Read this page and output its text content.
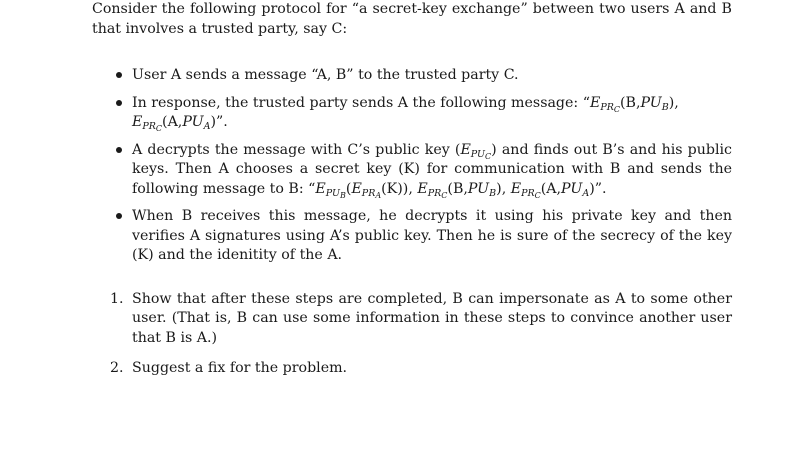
Consider the following protocol for “a secret-key exchange” between two users A and B that involves a trusted party, say C:

User A sends a message “A, B” to the trusted party C.
In response, the trusted party sends A the following message: “$E_{PR_C}(B,PU_B)$, $E_{PR_C}(A,PU_A)$”.
A decrypts the message with C’s public key $(E_{PU_C})$ and finds out B’s and his public keys. Then A chooses a secret key (K) for communication with B and sends the following message to B: “$E_{PU_B}(E_{PR_A}(K))$, $E_{PR_C}(B,PU_B)$, $E_{PR_C}(A,PU_A)$”.
When B receives this message, he decrypts it using his private key and then verifies A signatures using A’s public key. Then he is sure of the secrecy of the key (K) and the idenitity of the A.
1. Show that after these steps are completed, B can impersonate as A to some other user. (That is, B can use some information in these steps to convince another user that B is A.)
2. Suggest a fix for the problem.
